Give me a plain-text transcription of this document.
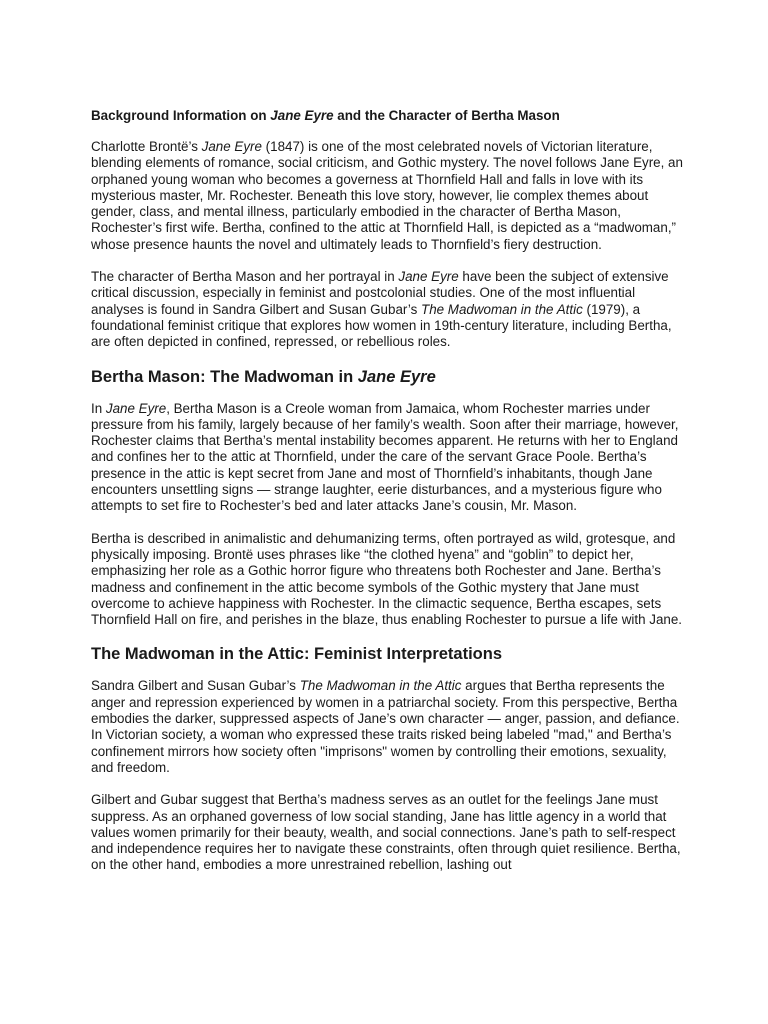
Background Information on Jane Eyre and the Character of Bertha Mason

Charlotte Brontë’s Jane Eyre (1847) is one of the most celebrated novels of Victorian literature, blending elements of romance, social criticism, and Gothic mystery. The novel follows Jane Eyre, an orphaned young woman who becomes a governess at Thornfield Hall and falls in love with its mysterious master, Mr. Rochester. Beneath this love story, however, lie complex themes about gender, class, and mental illness, particularly embodied in the character of Bertha Mason, Rochester’s first wife. Bertha, confined to the attic at Thornfield Hall, is depicted as a “madwoman,” whose presence haunts the novel and ultimately leads to Thornfield’s fiery destruction.

The character of Bertha Mason and her portrayal in Jane Eyre have been the subject of extensive critical discussion, especially in feminist and postcolonial studies. One of the most influential analyses is found in Sandra Gilbert and Susan Gubar’s The Madwoman in the Attic (1979), a foundational feminist critique that explores how women in 19th-century literature, including Bertha, are often depicted in confined, repressed, or rebellious roles.

Bertha Mason: The Madwoman in Jane Eyre

In Jane Eyre, Bertha Mason is a Creole woman from Jamaica, whom Rochester marries under pressure from his family, largely because of her family’s wealth. Soon after their marriage, however, Rochester claims that Bertha’s mental instability becomes apparent. He returns with her to England and confines her to the attic at Thornfield, under the care of the servant Grace Poole. Bertha’s presence in the attic is kept secret from Jane and most of Thornfield’s inhabitants, though Jane encounters unsettling signs — strange laughter, eerie disturbances, and a mysterious figure who attempts to set fire to Rochester’s bed and later attacks Jane’s cousin, Mr. Mason.

Bertha is described in animalistic and dehumanizing terms, often portrayed as wild, grotesque, and physically imposing. Brontë uses phrases like “the clothed hyena” and “goblin” to depict her, emphasizing her role as a Gothic horror figure who threatens both Rochester and Jane. Bertha’s madness and confinement in the attic become symbols of the Gothic mystery that Jane must overcome to achieve happiness with Rochester. In the climactic sequence, Bertha escapes, sets Thornfield Hall on fire, and perishes in the blaze, thus enabling Rochester to pursue a life with Jane.

The Madwoman in the Attic: Feminist Interpretations

Sandra Gilbert and Susan Gubar’s The Madwoman in the Attic argues that Bertha represents the anger and repression experienced by women in a patriarchal society. From this perspective, Bertha embodies the darker, suppressed aspects of Jane’s own character — anger, passion, and defiance. In Victorian society, a woman who expressed these traits risked being labeled "mad," and Bertha’s confinement mirrors how society often "imprisons" women by controlling their emotions, sexuality, and freedom.

Gilbert and Gubar suggest that Bertha’s madness serves as an outlet for the feelings Jane must suppress. As an orphaned governess of low social standing, Jane has little agency in a world that values women primarily for their beauty, wealth, and social connections. Jane’s path to self-respect and independence requires her to navigate these constraints, often through quiet resilience. Bertha, on the other hand, embodies a more unrestrained rebellion, lashing out
